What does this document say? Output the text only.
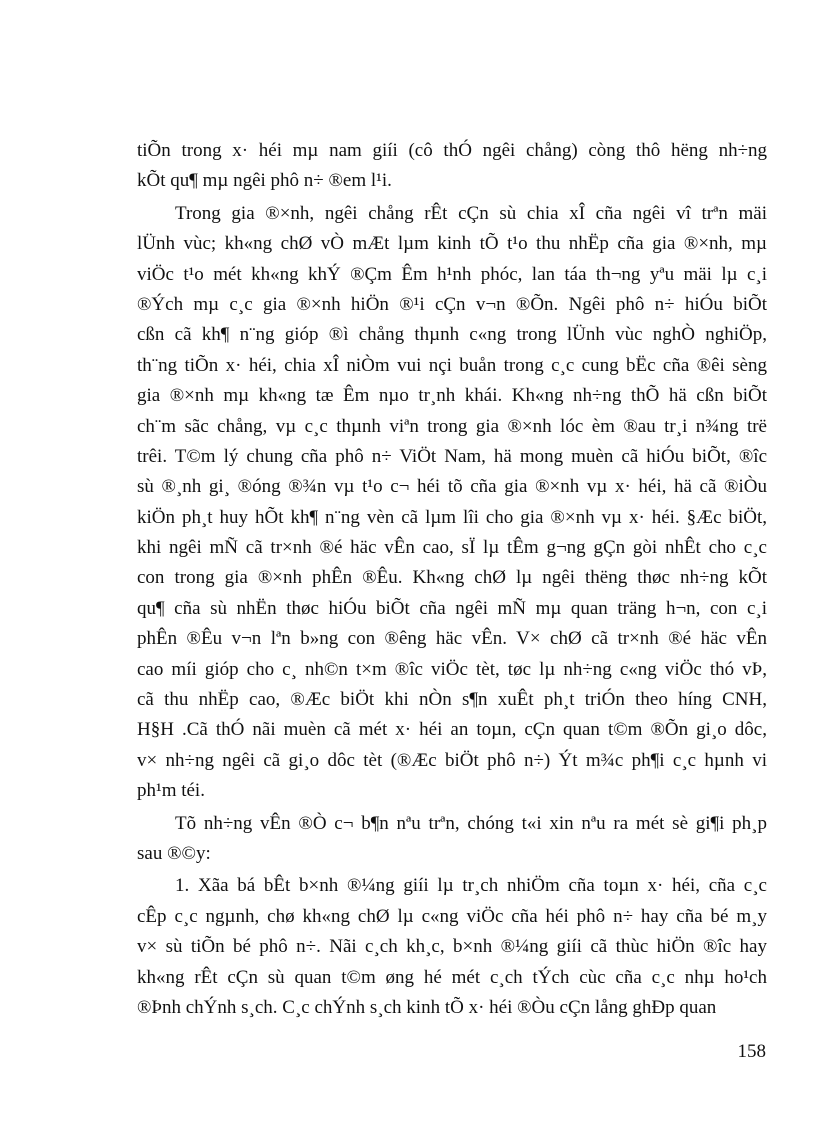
tiÕn trong x· héi mµ nam giíi (cô thÓ ngêi chång) còng thô hëng nh÷ng
kÕt qu¶ mµ ngêi phô n÷ ®em l¹i.
Trong gia ®×nh, ngêi chång rÊt cÇn sù chia xÎ cña ngêi vî trªn mäi
lÜnh vùc; kh«ng chØ vÒ mÆt lµm kinh tÕ t¹o thu nhËp cña gia ®×nh, mµ
viÖc t¹o mét kh«ng khÝ ®Çm Êm h¹nh phóc, lan táa th¬ng yªu mäi lµ c¸i
®Ých mµ c¸c gia ®×nh hiÖn ®¹i cÇn v¬n ®Õn. Ngêi phô n÷ hiÓu biÕt
cßn cã kh¶ n¨ng gióp ®ì chång thµnh c«ng trong lÜnh vùc nghÒ nghiÖp,
th¨ng tiÕn x· héi, chia xÎ niÒm vui nçi buån trong c¸c cung bËc cña ®êi sèng
gia ®×nh mµ kh«ng tæ Êm nµo tr¸nh khái. Kh«ng nh÷ng thÕ hä cßn biÕt
ch¨m sãc chång, vµ c¸c thµnh viªn trong gia ®×nh lóc èm ®au tr¸i n¾ng trë
trêi. T©m lý chung cña phô n÷ ViÖt Nam, hä mong muèn cã hiÓu biÕt, ®îc
sù ®¸nh gi¸ ®óng ®¾n vµ t¹o c¬ héi tõ cña gia ®×nh vµ x· héi, hä cã ®iÒu
kiÖn ph¸t huy hÕt kh¶ n¨ng vèn cã lµm lîi cho gia ®×nh vµ x· héi. §Æc biÖt,
khi ngêi mÑ cã tr×nh ®é häc vÊn cao, sÏ lµ tÊm g¬ng gÇn gòi nhÊt cho c¸c
con trong gia ®×nh phÊn ®Êu. Kh«ng chØ lµ ngêi thëng thøc nh÷ng kÕt
qu¶ cña sù nhËn thøc hiÓu biÕt cña ngêi mÑ mµ quan träng h¬n, con c¸i
phÊn ®Êu v¬n lªn b»ng con ®êng häc vÊn. V× chØ cã tr×nh ®é häc vÊn
cao míi gióp cho c¸ nh©n t×m ®îc viÖc tèt, tøc lµ nh÷ng c«ng viÖc thó vÞ,
cã thu nhËp cao, ®Æc biÖt khi nÒn s¶n xuÊt ph¸t triÓn theo híng CNH,
H§H .Cã thÓ nãi muèn cã mét x· héi an toµn, cÇn quan t©m ®Õn gi¸o dôc,
v× nh÷ng ngêi cã gi¸o dôc tèt (®Æc biÖt phô n÷) Ýt m¾c ph¶i c¸c hµnh vi
ph¹m téi.
Tõ nh÷ng vÊn ®Ò c¬ b¶n nªu trªn, chóng t«i xin nªu ra mét sè gi¶i ph¸p
sau ®©y:
1. Xãa bá bÊt b×nh ®¼ng giíi lµ tr¸ch nhiÖm cña toµn x· héi, cña c¸c
cÊp c¸c ngµnh, chø kh«ng chØ lµ c«ng viÖc cña héi phô n÷ hay cña bé m¸y
v× sù tiÕn bé phô n÷. Nãi c¸ch kh¸c, b×nh ®¼ng giíi cã thùc hiÖn ®îc hay
kh«ng rÊt cÇn sù quan t©m øng hé mét c¸ch tÝch cùc cña c¸c nhµ ho¹ch
®Þnh chÝnh s¸ch. C¸c chÝnh s¸ch kinh tÕ x· héi ®Òu cÇn lång ghÐp quan
158
